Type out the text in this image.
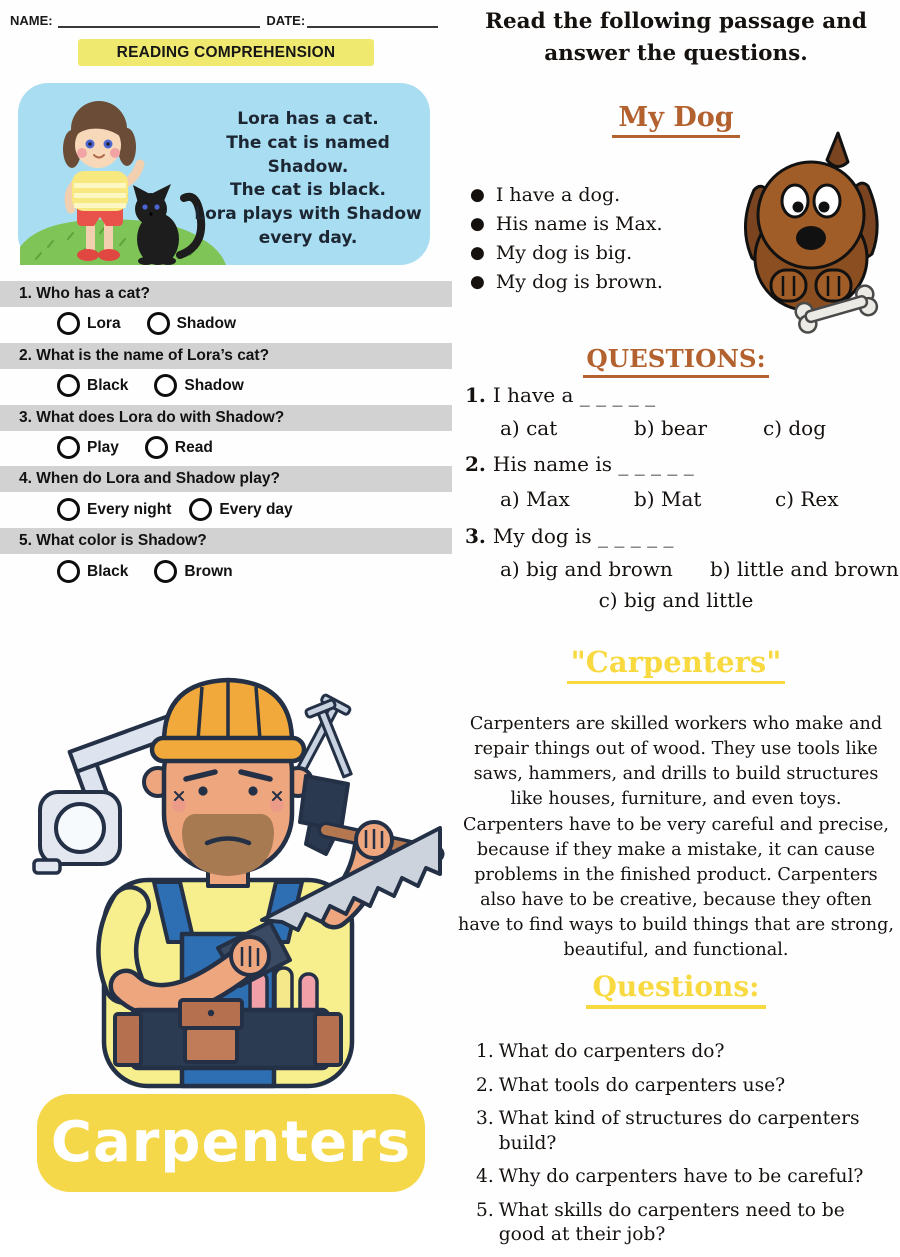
NAME:	DATE:
READING COMPREHENSION
Lora has a cat.
The cat is named Shadow.
The cat is black.
Lora plays with Shadow
every day.
1. Who has a cat?
Lora	Shadow
2. What is the name of Lora’s cat?
Black	Shadow
3. What does Lora do with Shadow?
Play	Read
4. When do Lora and Shadow play?
Every night	Every day
5. What color is Shadow?
Black	Brown
Carpenters
Read the following passage and answer the questions.
My Dog
● I have a dog.
● His name is Max.
● My dog is big.
● My dog is brown.
QUESTIONS:
1. I have a _ _ _ _ _
a) cat	b) bear	c) dog
2. His name is _ _ _ _ _
a) Max	b) Mat	c) Rex
3. My dog is _ _ _ _ _
a) big and brown b) little and brown
c) big and little
"Carpenters"
Carpenters are skilled workers who make and repair things out of wood. They use tools like saws, hammers, and drills to build structures like houses, furniture, and even toys. Carpenters have to be very careful and precise, because if they make a mistake, it can cause problems in the finished product. Carpenters also have to be creative, because they often have to find ways to build things that are strong, beautiful, and functional.
Questions:
1. What do carpenters do?
2. What tools do carpenters use?
3. What kind of structures do carpenters build?
4. Why do carpenters have to be careful?
5. What skills do carpenters need to be good at their job?
